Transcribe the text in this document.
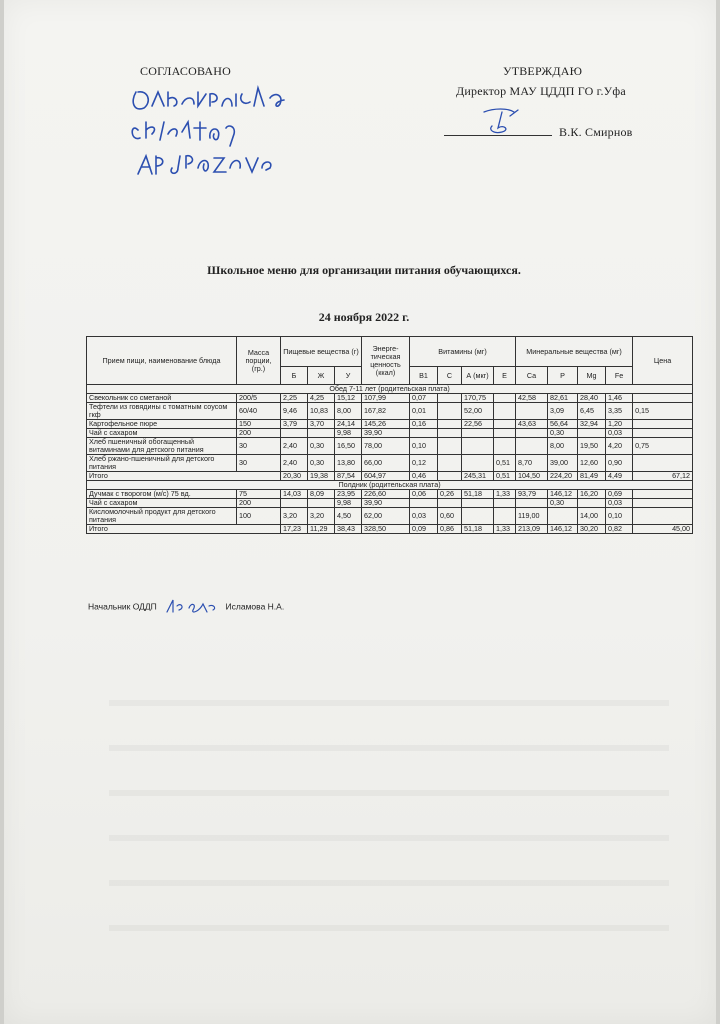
СОГЛАСОВАНО	УТВЕРЖДАЮ
Директор МАУ ЦДДП ГО г.Уфа
В.К. Смирнов
Школьное меню для организации питания обучающихся.
24 ноября 2022 г.
Прием пищи, наименование блюда	Масса порции, (гр.)	Пищевые вещества (г)			Энерге-тическая ценность (ккал)	Витамины (мг)				Минеральные вещества (мг)				Цена
		Б	Ж	У		В1	С	А (мкг)	Е	Са	Р	Mg	Fe	
Обед 7-11 лет (родительская плата)														
Свекольник со сметаной	200/5	2,25	4,25	15,12	107,99	0,07		170,75		42,58	82,61	28,40	1,46	
Тефтели из говядины с томатным соусом гкф	60/40	9,46	10,83	8,00	167,82	0,01		52,00			3,09	6,45	3,35	0,15
Картофельное пюре	150	3,79	3,70	24,14	145,26	0,16		22,56		43,63	56,64	32,94	1,20	
Чай с сахаром	200			9,98	39,90						0,30		0,03	
Хлеб пшеничный обогащенный витаминами для детского питания	30	2,40	0,30	16,50	78,00	0,10					8,00	19,50	4,20	0,75
Хлеб ржано-пшеничный для детского питания	30	2,40	0,30	13,80	66,00	0,12			0,51	8,70	39,00	12,60	0,90	
Итого		20,30	19,38	87,54	604,97	0,46		245,31	0,51	104,50	224,20	81,49	4,49	67,12
Полдник (родительская плата)														
Дучмак с творогом (м/с) 75 вд.	75	14,03	8,09	23,95	226,60	0,06	0,26	51,18	1,33	93,79	146,12	16,20	0,69	
Чай с сахаром	200			9,98	39,90						0,30		0,03	
Кисломолочный продукт для детского питания	100	3,20	3,20	4,50	62,00	0,03	0,60			119,00		14,00	0,10	
Итого		17,23	11,29	38,43	328,50	0,09	0,86	51,18	1,33	213,09	146,12	30,20	0,82	45,00
Начальник ОДДП	Исламова Н.А.
